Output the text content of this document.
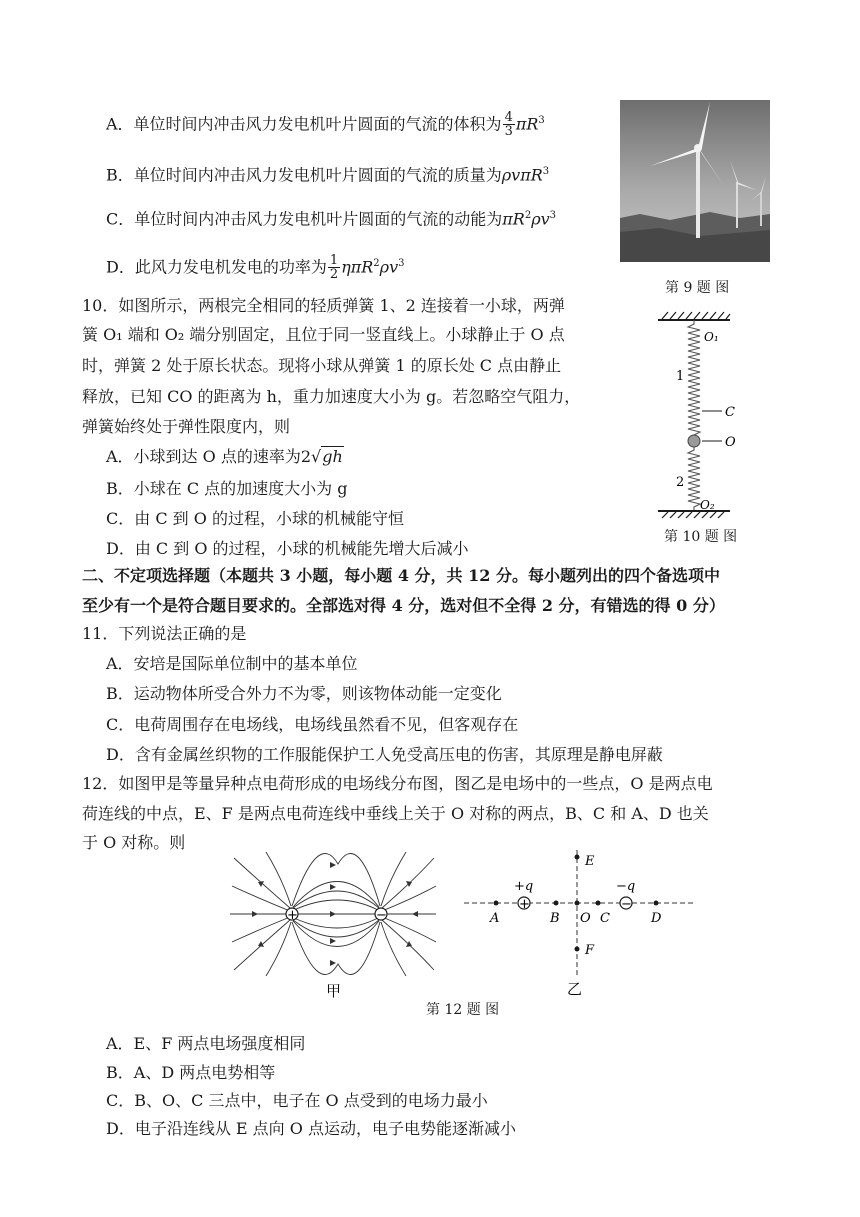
A．单位时间内冲击风力发电机叶片圆面的气流的体积为 $\frac{4}{3} \pi R^3$
B．单位时间内冲击风力发电机叶片圆面的气流的质量为ρvπR$^3$
C．单位时间内冲击风力发电机叶片圆面的气流的动能为$\pi R^2\rho v^3$
D．此风力发电机发电的功率为 $\frac{1}{2} \eta\pi R^2\rho v^3$
第 9 题 图
10．如图所示，两根完全相同的轻质弹簧 1、2 连接着一小球，两弹
簧 O₁ 端和 O₂ 端分别固定，且位于同一竖直线上。小球静止于 O 点
时，弹簧 2 处于原长状态。现将小球从弹簧 1 的原长处 C 点由静止
释放，已知 CO 的距离为 h，重力加速度大小为 g。若忽略空气阻力，
弹簧始终处于弹性限度内，则
A．小球到达 O 点的速率为2√gh
B．小球在 C 点的加速度大小为 g
C．由 C 到 O 的过程，小球的机械能守恒
D．由 C 到 O 的过程，小球的机械能先增大后减小
O₁
1
C
O
2
O₂
第 10 题 图
二、不定项选择题（本题共 3 小题，每小题 4 分，共 12 分。每小题列出的四个备选项中
至少有一个是符合题目要求的。全部选对得 4 分，选对但不全得 2 分，有错选的得 0 分）
11．下列说法正确的是
A．安培是国际单位制中的基本单位
B．运动物体所受合外力不为零，则该物体动能一定变化
C．电荷周围存在电场线，电场线虽然看不见，但客观存在
D．含有金属丝织物的工作服能保护工人免受高压电的伤害，其原理是静电屏蔽
12．如图甲是等量异种点电荷形成的电场线分布图，图乙是电场中的一些点，O 是两点电
荷连线的中点，E、F 是两点电荷连线中垂线上关于 O 对称的两点，B、C 和 A、D 也关
于 O 对称。则
+	−
甲
+	−
+q	−q
E
F
A	B O C	D
乙
第 12 题 图
A．E、F 两点电场强度相同
B．A、D 两点电势相等
C．B、O、C 三点中，电子在 O 点受到的电场力最小
D．电子沿连线从 E 点向 O 点运动，电子电势能逐渐减小
